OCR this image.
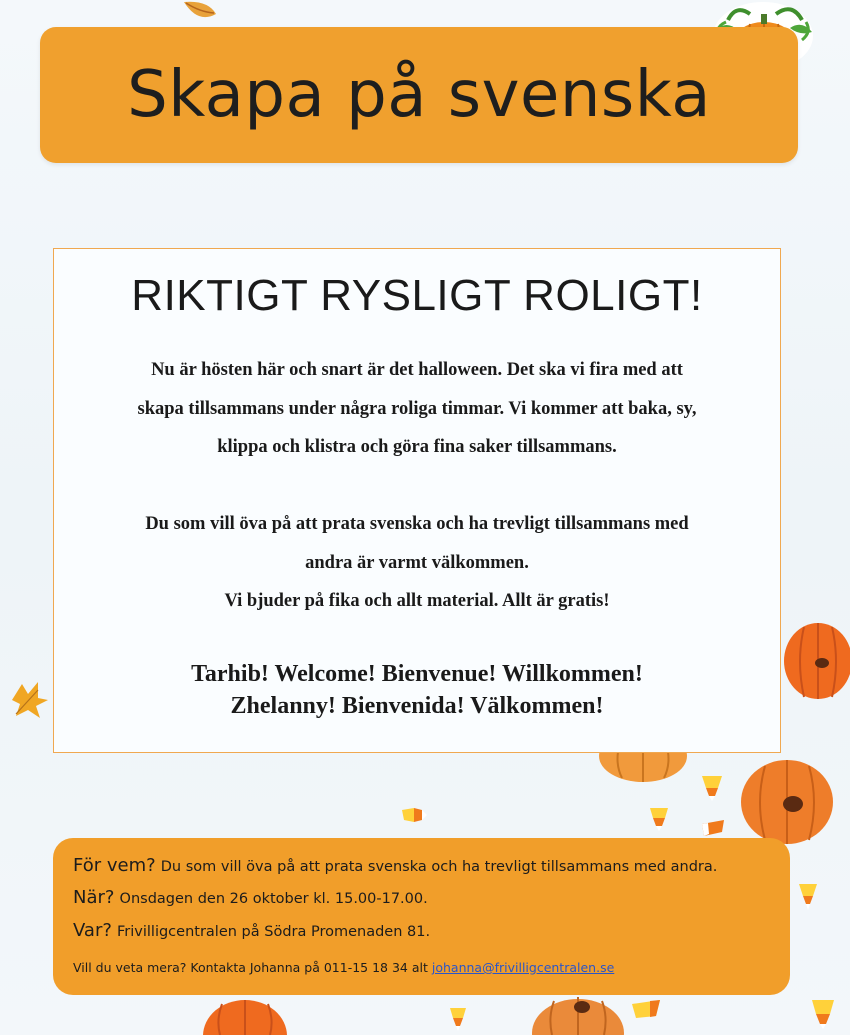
Skapa på svenska
RIKTIGT RYSLIGT ROLIGT!
Nu är hösten här och snart är det halloween. Det ska vi fira med att
skapa tillsammans under några roliga timmar. Vi kommer att baka, sy,
klippa och klistra och göra fina saker tillsammans.
Du som vill öva på att prata svenska och ha trevligt tillsammans med
andra är varmt välkommen.
Vi bjuder på fika och allt material. Allt är gratis!
Tarhib! Welcome! Bienvenue! Willkommen!
Zhelanny! Bienvenida! Välkommen!
För vem? Du som vill öva på att prata svenska och ha trevligt tillsammans med andra.
När? Onsdagen den 26 oktober kl. 15.00-17.00.
Var? Frivilligcentralen på Södra Promenaden 81.
Vill du veta mera? Kontakta Johanna på 011-15 18 34 alt johanna@frivilligcentralen.se
